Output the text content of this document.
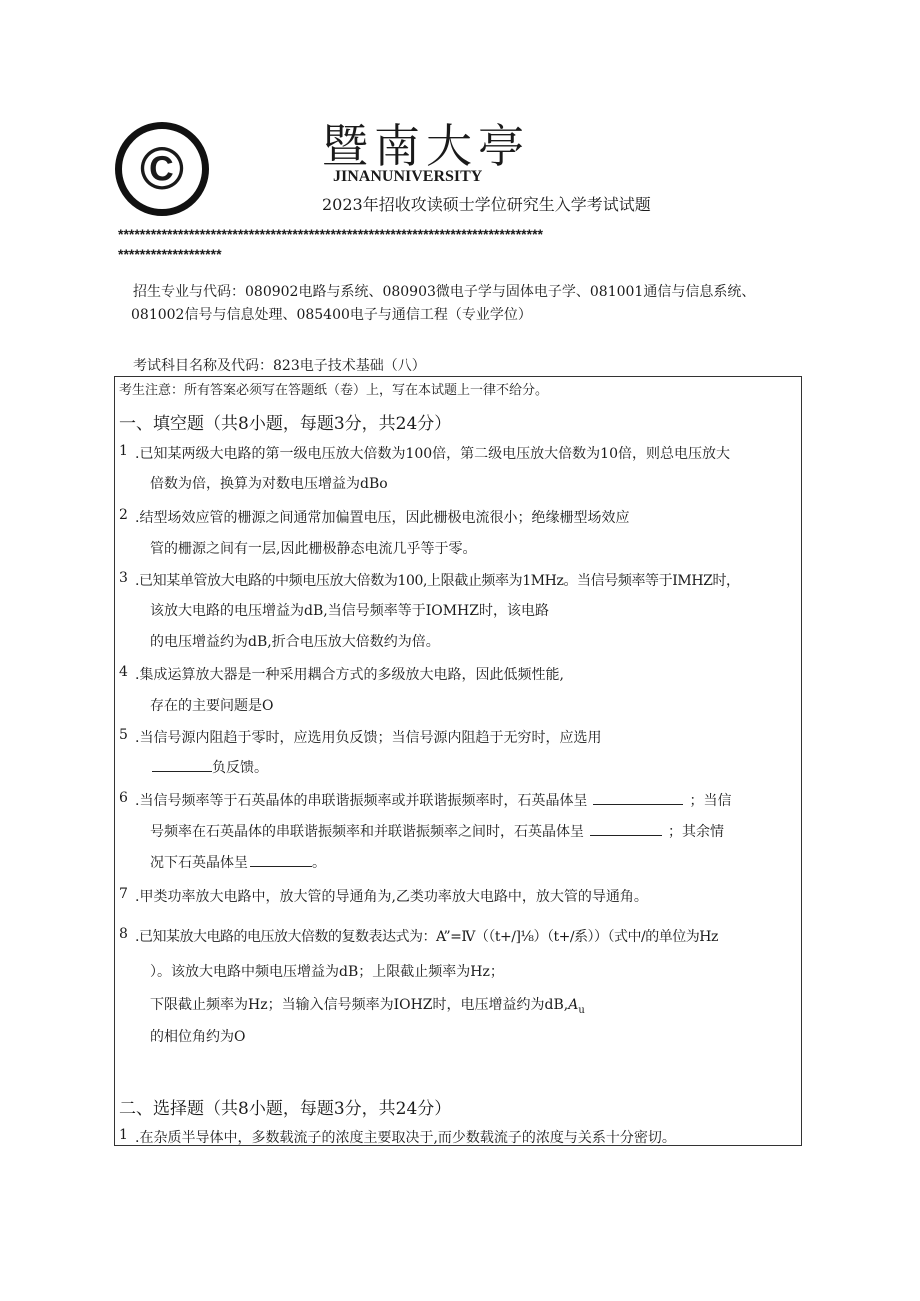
©	暨南大亭
JINANUNIVERSITY
2023年招收攻读硕士学位研究生入学考试试题
******************************************************************************
*******************
招生专业与代码：080902电路与系统、080903微电子学与固体电子学、081001通信与信息系统、
081002信号与信息处理、085400电子与通信工程（专业学位）
考试科目名称及代码：823电子技术基础（八）
考生注意：所有答案必须写在答题纸（卷）上，写在本试题上一律不给分。
一、填空题（共8小题，每题3分，共24分）
1 .已知某两级大电路的第一级电压放大倍数为100倍，第二级电压放大倍数为10倍，则总电压放大
倍数为倍，换算为对数电压增益为dBo
2 .结型场效应管的栅源之间通常加偏置电压，因此栅极电流很小；绝缘栅型场效应
管的栅源之间有一层,因此栅极静态电流几乎等于零。
3 .已知某单管放大电路的中频电压放大倍数为100,上限截止频率为1MHz。当信号频率等于IMHZ时，
该放大电路的电压增益为dB,当信号频率等于IOMHZ时，该电路
的电压增益约为dB,折合电压放大倍数约为倍。
4 .集成运算放大器是一种采用耦合方式的多级放大电路，因此低频性能,
存在的主要问题是O
5 .当信号源内阻趋于零时，应选用负反馈；当信号源内阻趋于无穷时，应选用
负反馈。
6 .当信号频率等于石英晶体的串联谐振频率或并联谐振频率时，石英晶体呈	；当信
号频率在石英晶体的串联谐振频率和并联谐振频率之间时，石英晶体呈	；其余情
况下石英晶体呈	。
7 .甲类功率放大电路中，放大管的导通角为,乙类功率放大电路中，放大管的导通角。
8 .已知某放大电路的电压放大倍数的复数表达式为：A”=Ⅳ（（t+∕]⅛）（t+∕系））（式中/的单位为Hz
）。该放大电路中频电压增益为dB；上限截止频率为Hz；
下限截止频率为Hz；当输入信号频率为IOHZ时，电压增益约为$dB,A_u$
的相位角约为O
二、选择题（共8小题，每题3分，共24分）
1 .在杂质半导体中，多数载流子的浓度主要取决于,而少数载流子的浓度与关系十分密切。
